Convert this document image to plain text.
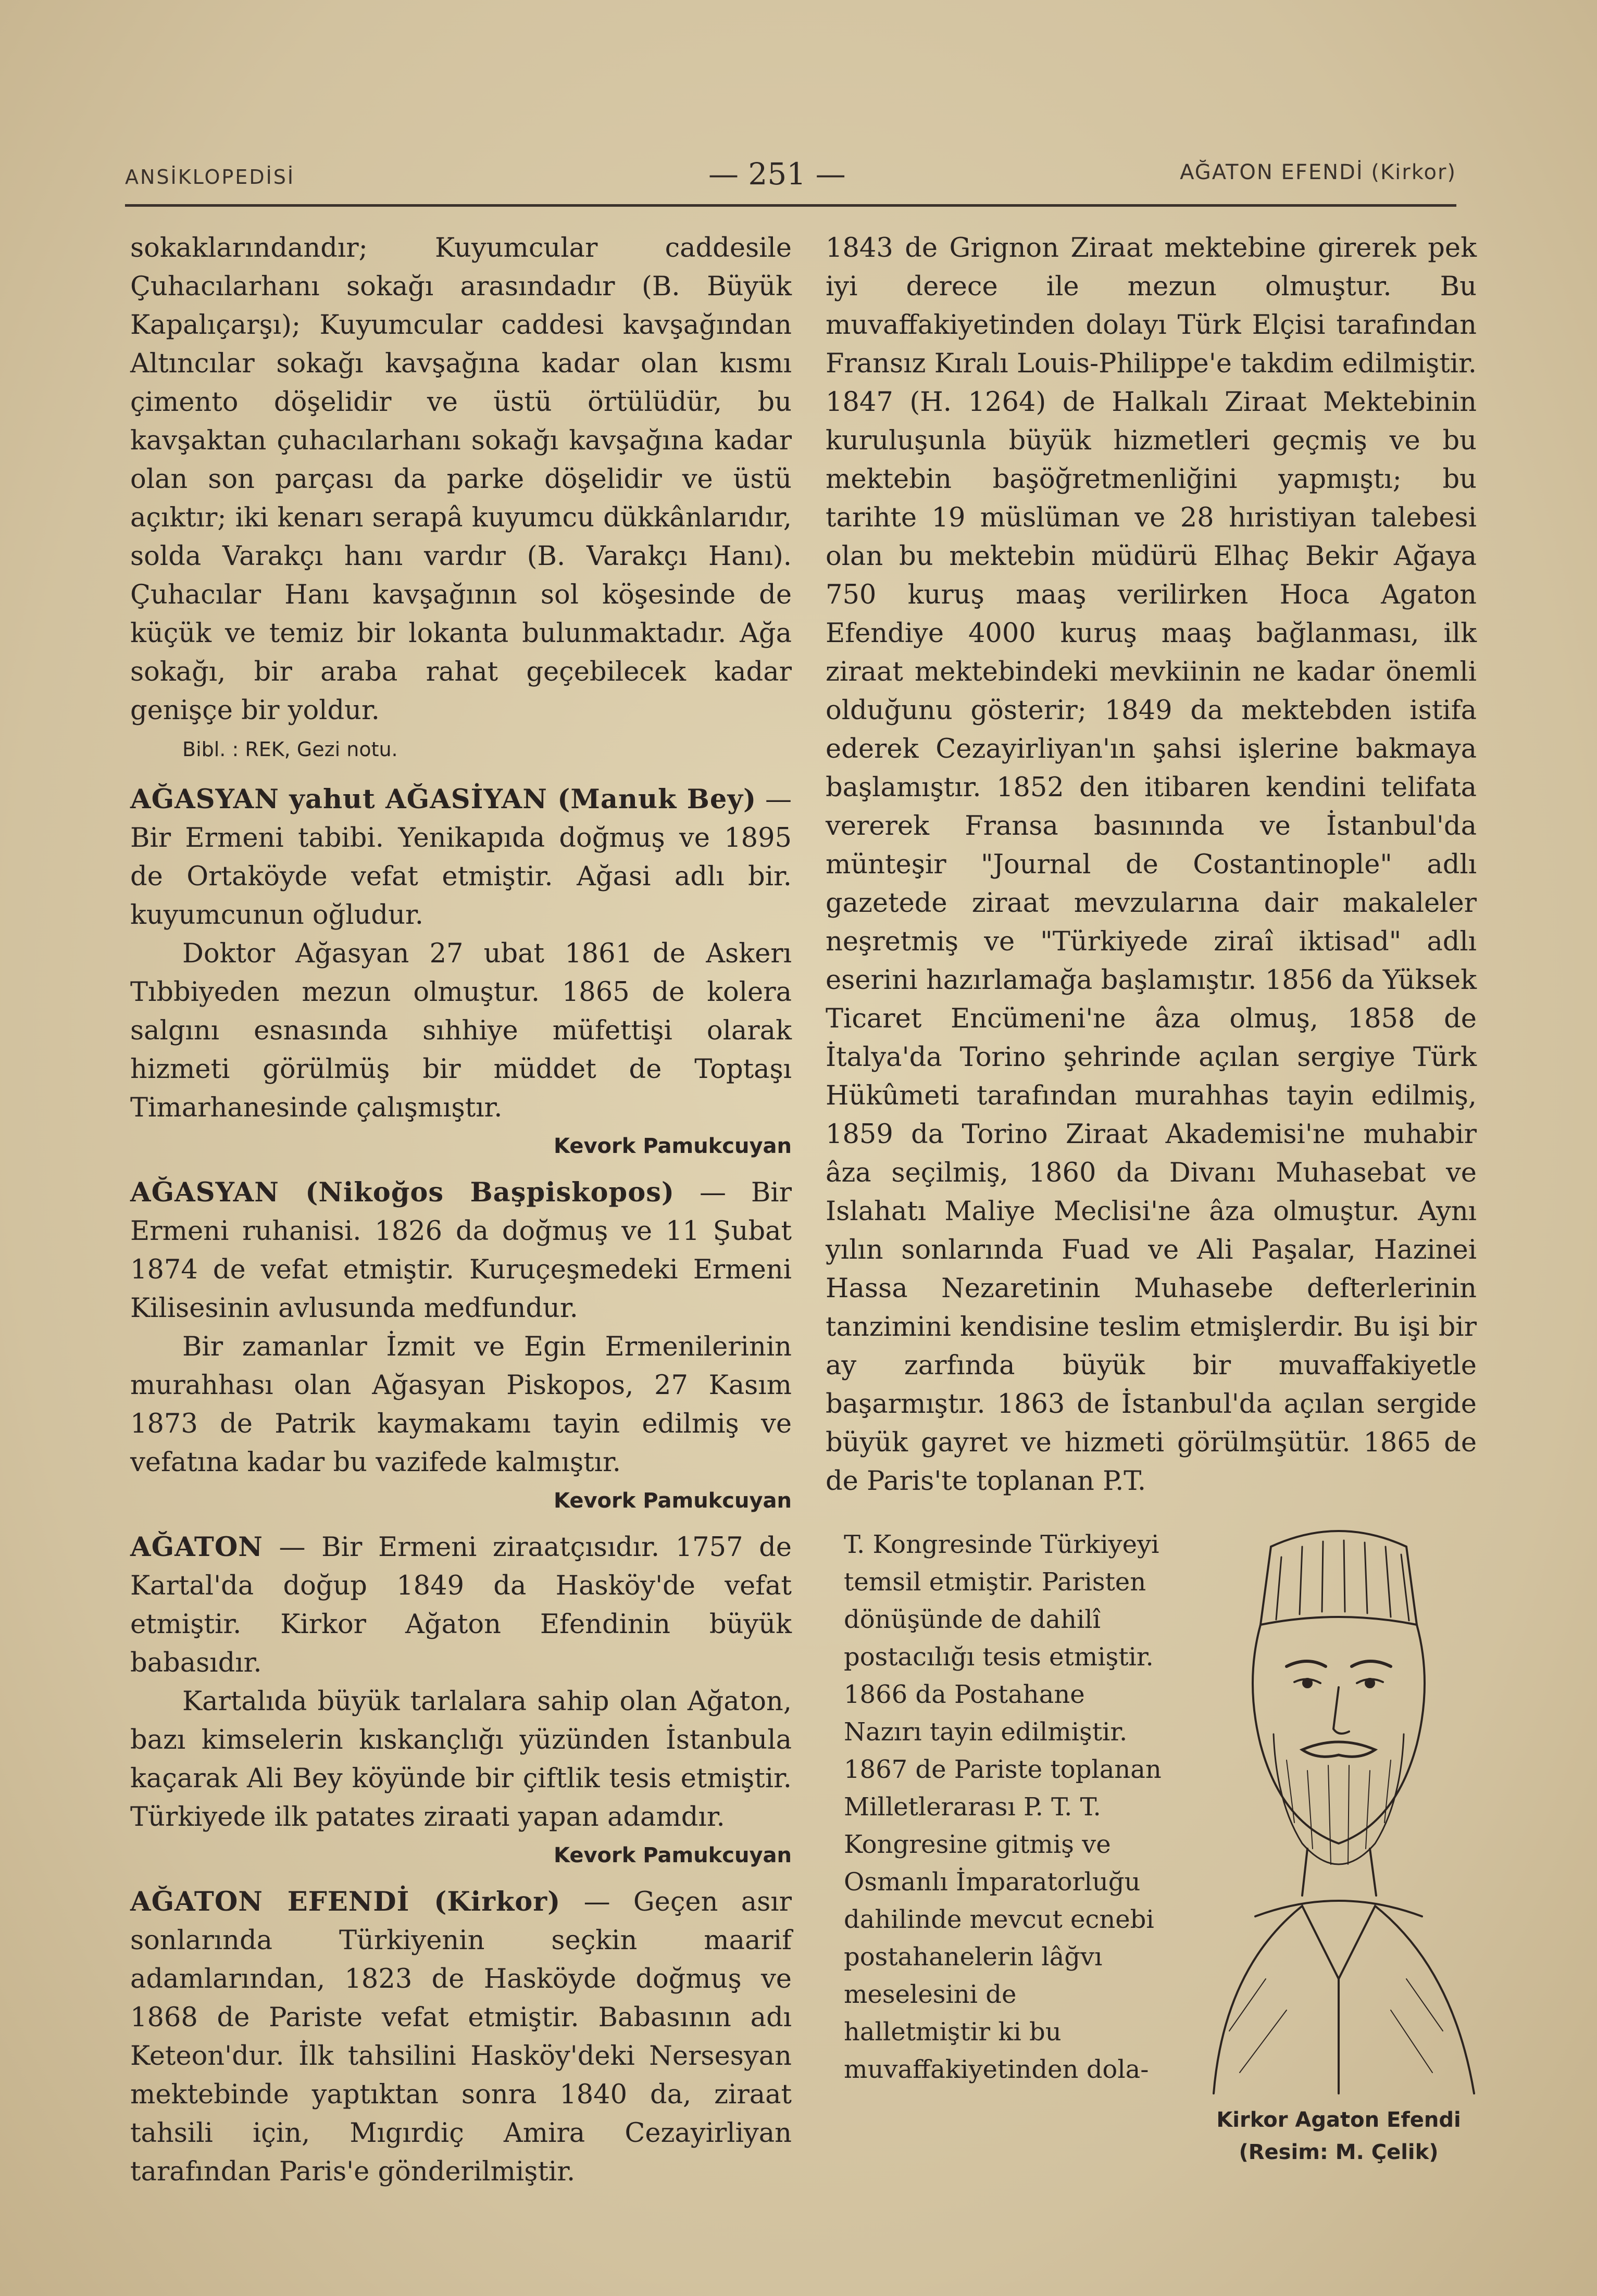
ANSİKLOPEDİSİ	— 251 —	AĞATON EFENDİ (Kirkor)

sokaklarındandır; Kuyumcular caddesile Çuhacılarhanı sokağı arasındadır (B. Büyük Kapalıçarşı); Kuyumcular caddesi kavşağından Altıncılar sokağı kavşağına kadar olan kısmı çimento döşelidir ve üstü örtülüdür, bu kavşaktan çuhacılarhanı sokağı kavşağına kadar olan son parçası da parke döşelidir ve üstü açıktır; iki kenarı serapâ kuyumcu dükkânlarıdır, solda Varakçı hanı vardır (B. Varakçı Hanı). Çuhacılar Hanı kavşağının sol köşesinde de küçük ve temiz bir lokanta bulunmaktadır. Ağa sokağı, bir araba rahat geçebilecek kadar genişçe bir yoldur.

Bibl. : REK, Gezi notu.

AĞASYAN yahut AĞASİYAN (Manuk Bey) — Bir Ermeni tabibi. Yenikapıda doğmuş ve 1895 de Ortaköyde vefat etmiştir. Ağasi adlı bir. kuyumcunun oğludur.

Doktor Ağasyan 27 ubat 1861 de Askerı Tıbbiyeden mezun olmuştur. 1865 de kolera salgını esnasında sıhhiye müfettişi olarak hizmeti görülmüş bir müddet de Toptaşı Timarhanesinde çalışmıştır.

Kevork Pamukcuyan

AĞASYAN (Nikoğos Başpiskopos) — Bir Ermeni ruhanisi. 1826 da doğmuş ve 11 Şubat 1874 de vefat etmiştir. Kuruçeşmedeki Ermeni Kilisesinin avlusunda medfundur.

Bir zamanlar İzmit ve Egin Ermenilerinin murahhası olan Ağasyan Piskopos, 27 Kasım 1873 de Patrik kaymakamı tayin edilmiş ve vefatına kadar bu vazifede kalmıştır.

Kevork Pamukcuyan

AĞATON — Bir Ermeni ziraatçısıdır. 1757 de Kartal'da doğup 1849 da Hasköy'de vefat etmiştir. Kirkor Ağaton Efendinin büyük babasıdır.

Kartalıda büyük tarlalara sahip olan Ağaton, bazı kimselerin kıskançlığı yüzünden İstanbula kaçarak Ali Bey köyünde bir çiftlik tesis etmiştir. Türkiyede ilk patates ziraati yapan adamdır.

Kevork Pamukcuyan

AĞATON EFENDİ (Kirkor) — Geçen asır sonlarında Türkiyenin seçkin maarif adamlarından, 1823 de Hasköyde doğmuş ve 1868 de Pariste vefat etmiştir. Babasının adı Keteon'dur. İlk tahsilini Hasköy'deki Nersesyan mektebinde yaptıktan sonra 1840 da, ziraat tahsili için, Mıgırdiç Amira Cezayirliyan tarafından Paris'e gönderilmiştir.

1843 de Grignon Ziraat mektebine girerek pek iyi derece ile mezun olmuştur. Bu muvaffakiyetinden dolayı Türk Elçisi tarafından Fransız Kıralı Louis-Philippe'e takdim edilmiştir. 1847 (H. 1264) de Halkalı Ziraat Mektebinin kuruluşunla büyük hizmetleri geçmiş ve bu mektebin başöğretmenliğini yapmıştı; bu tarihte 19 müslüman ve 28 hıristiyan talebesi olan bu mektebin müdürü Elhaç Bekir Ağaya 750 kuruş maaş verilirken Hoca Agaton Efendiye 4000 kuruş maaş bağlanması, ilk ziraat mektebindeki mevkiinin ne kadar önemli olduğunu gösterir; 1849 da mektebden istifa ederek Cezayirliyan'ın şahsi işlerine bakmaya başlamıştır. 1852 den itibaren kendini telifata vererek Fransa basınında ve İstanbul'da münteşir "Journal de Costantinople" adlı gazetede ziraat mevzularına dair makaleler neşretmiş ve "Türkiyede ziraî iktisad" adlı eserini hazırlamağa başlamıştır. 1856 da Yüksek Ticaret Encümeni'ne âza olmuş, 1858 de İtalya'da Torino şehrinde açılan sergiye Türk Hükûmeti tarafından murahhas tayin edilmiş, 1859 da Torino Ziraat Akademisi'ne muhabir âza seçilmiş, 1860 da Divanı Muhasebat ve Islahatı Maliye Meclisi'ne âza olmuştur. Aynı yılın sonlarında Fuad ve Ali Paşalar, Hazinei Hassa Nezaretinin Muhasebe defterlerinin tanzimini kendisine teslim etmişlerdir. Bu işi bir ay zarfında büyük bir muvaffakiyetle başarmıştır. 1863 de İstanbul'da açılan sergide büyük gayret ve hizmeti görülmşütür. 1865 de de Paris'te toplanan P.T.

T. Kongresinde Türkiyeyi temsil etmiştir. Paristen dönüşünde de dahilî postacılığı tesis etmiştir. 1866 da Postahane Nazırı tayin edilmiştir. 1867 de Pariste toplanan Milletlerarası P. T. T. Kongresine gitmiş ve Osmanlı İmparatorluğu dahilinde mevcut ecnebi postahanelerin lâğvı meselesini de halletmiştir ki bu muvaffakiyetinden dola-

Kirkor Agaton Efendi
(Resim: M. Çelik)
